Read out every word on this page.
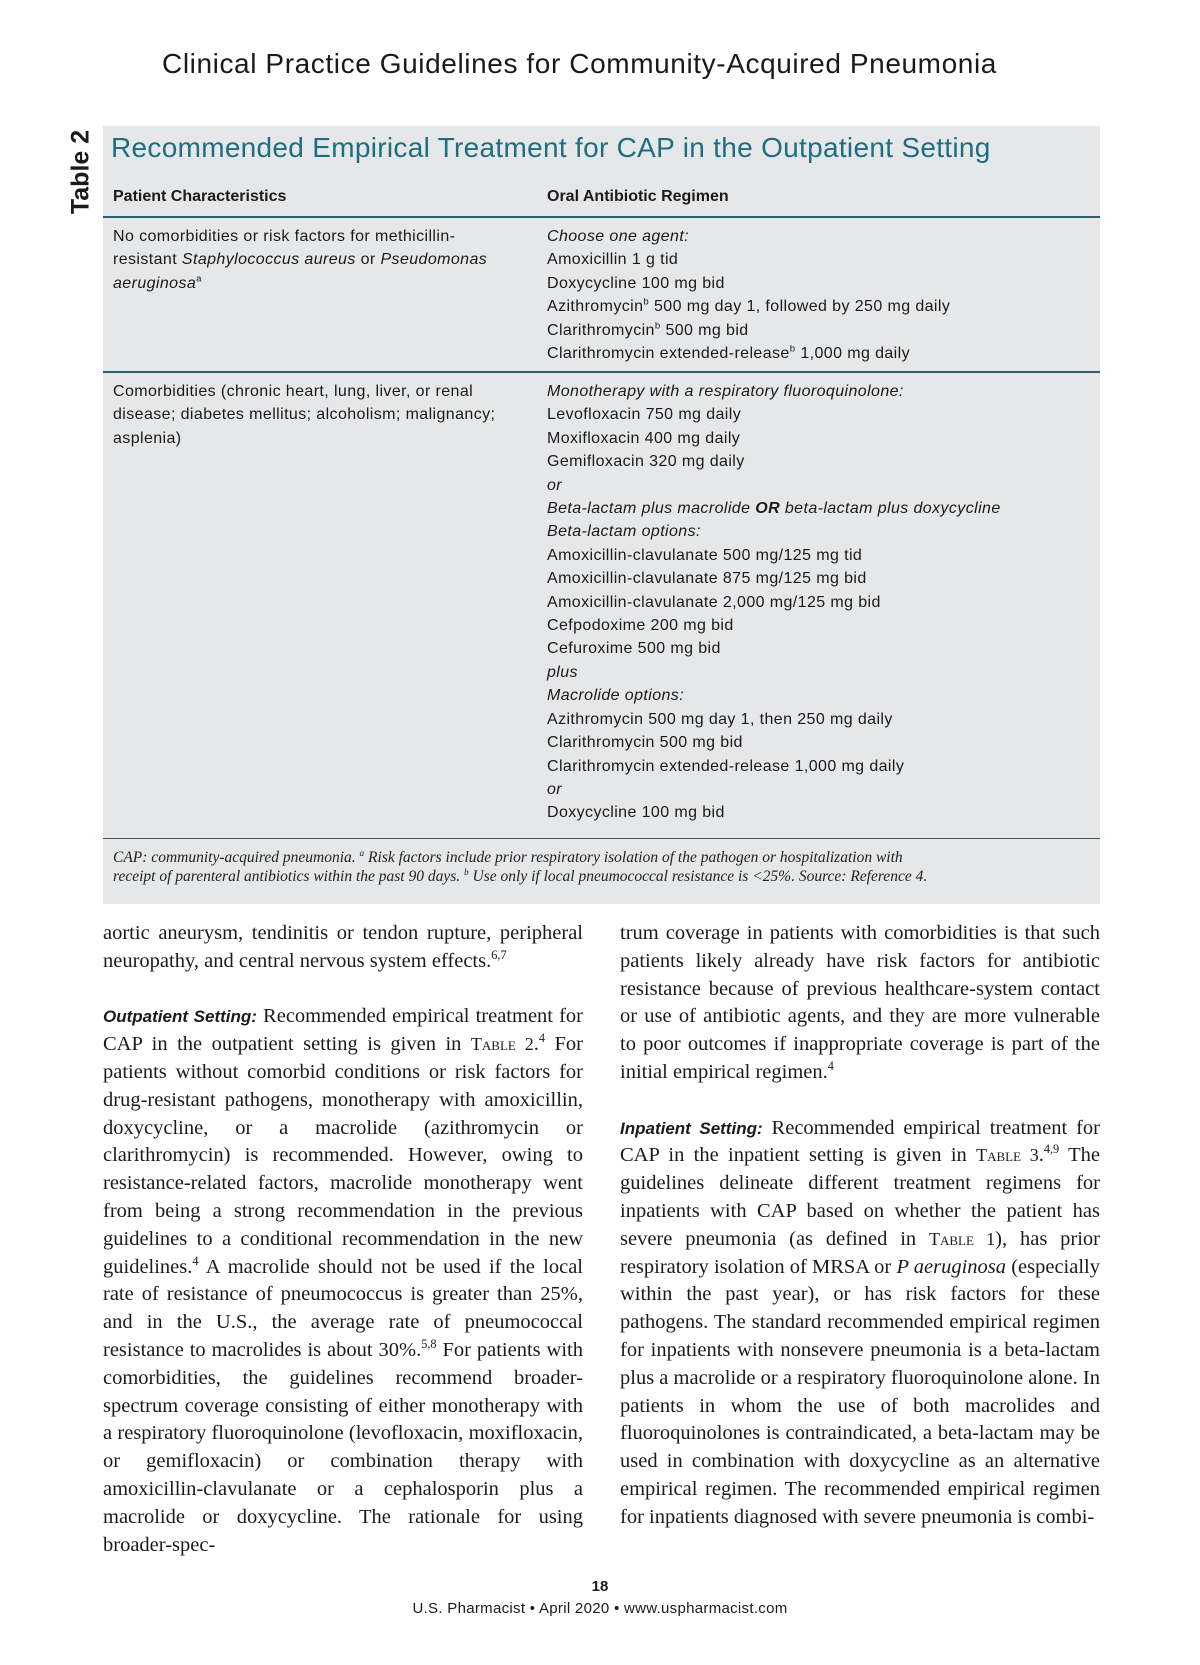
Clinical Practice Guidelines for Community-Acquired Pneumonia
Table 2 Recommended Empirical Treatment for CAP in the Outpatient Setting
Patient Characteristics	Oral Antibiotic Regimen
No comorbidities or risk factors for methicillin-
resistant Staphylococcus aureus or Pseudomonas
aeruginosa$^a$
Choose one agent:
Amoxicillin 1 g tid
Doxycycline 100 mg bid
Azithromycin$^b$ 500 mg day 1, followed by 250 mg daily
Clarithromycin$^b$ 500 mg bid
Clarithromycin extended-release$^b$ 1,000 mg daily
Comorbidities (chronic heart, lung, liver, or renal
disease; diabetes mellitus; alcoholism; malignancy;
asplenia)
Monotherapy with a respiratory fluoroquinolone:
Levofloxacin 750 mg daily
Moxifloxacin 400 mg daily
Gemifloxacin 320 mg daily
or
Beta-lactam plus macrolide OR beta-lactam plus doxycycline
Beta-lactam options:
Amoxicillin-clavulanate 500 mg/125 mg tid
Amoxicillin-clavulanate 875 mg/125 mg bid
Amoxicillin-clavulanate 2,000 mg/125 mg bid
Cefpodoxime 200 mg bid
Cefuroxime 500 mg bid
plus
Macrolide options:
Azithromycin 500 mg day 1, then 250 mg daily
Clarithromycin 500 mg bid
Clarithromycin extended-release 1,000 mg daily
or
Doxycycline 100 mg bid
CAP: community-acquired pneumonia. $^a$ Risk factors include prior respiratory isolation of the pathogen or hospitalization with
receipt of parenteral antibiotics within the past 90 days. $^b$ Use only if local pneumococcal resistance is <25%. Source: Reference 4.

aortic aneurysm, tendinitis or tendon rupture, peripheral neuropathy, and central nervous system effects.$^{6,7}$

Outpatient Setting: Recommended empirical treatment for CAP in the outpatient setting is given in Table 2.$^4$ For patients without comorbid conditions or risk factors for drug-resistant pathogens, monotherapy with amoxicillin, doxycycline, or a macrolide (azithromycin or clarithromycin) is recommended. However, owing to resistance-related factors, macrolide monotherapy went from being a strong recommendation in the previous guidelines to a conditional recommendation in the new guidelines.$^4$ A macrolide should not be used if the local rate of resistance of pneumococcus is greater than 25%, and in the U.S., the average rate of pneumococcal resistance to macrolides is about 30%.$^{5,8}$ For patients with comorbidities, the guidelines recommend broader-spectrum coverage consisting of either monotherapy with a respiratory fluoroquinolone (levofloxacin, moxifloxacin, or gemifloxacin) or combination therapy with amoxicillin-clavulanate or a cephalosporin plus a macrolide or doxycycline. The rationale for using broader-spec-

trum coverage in patients with comorbidities is that such patients likely already have risk factors for antibiotic resistance because of previous healthcare-system contact or use of antibiotic agents, and they are more vulnerable to poor outcomes if inappropriate coverage is part of the initial empirical regimen.$^4$

Inpatient Setting: Recommended empirical treatment for CAP in the inpatient setting is given in Table 3.$^{4,9}$ The guidelines delineate different treatment regimens for inpatients with CAP based on whether the patient has severe pneumonia (as defined in Table 1), has prior respiratory isolation of MRSA or P aeruginosa (especially within the past year), or has risk factors for these pathogens. The standard recommended empirical regimen for inpatients with nonsevere pneumonia is a beta-lactam plus a macrolide or a respiratory fluoroquinolone alone. In patients in whom the use of both macrolides and fluoroquinolones is contraindicated, a beta-lactam may be used in combination with doxycycline as an alternative empirical regimen. The recommended empirical regimen for inpatients diagnosed with severe pneumonia is combi-

18
U.S. Pharmacist • April 2020 • www.uspharmacist.com
